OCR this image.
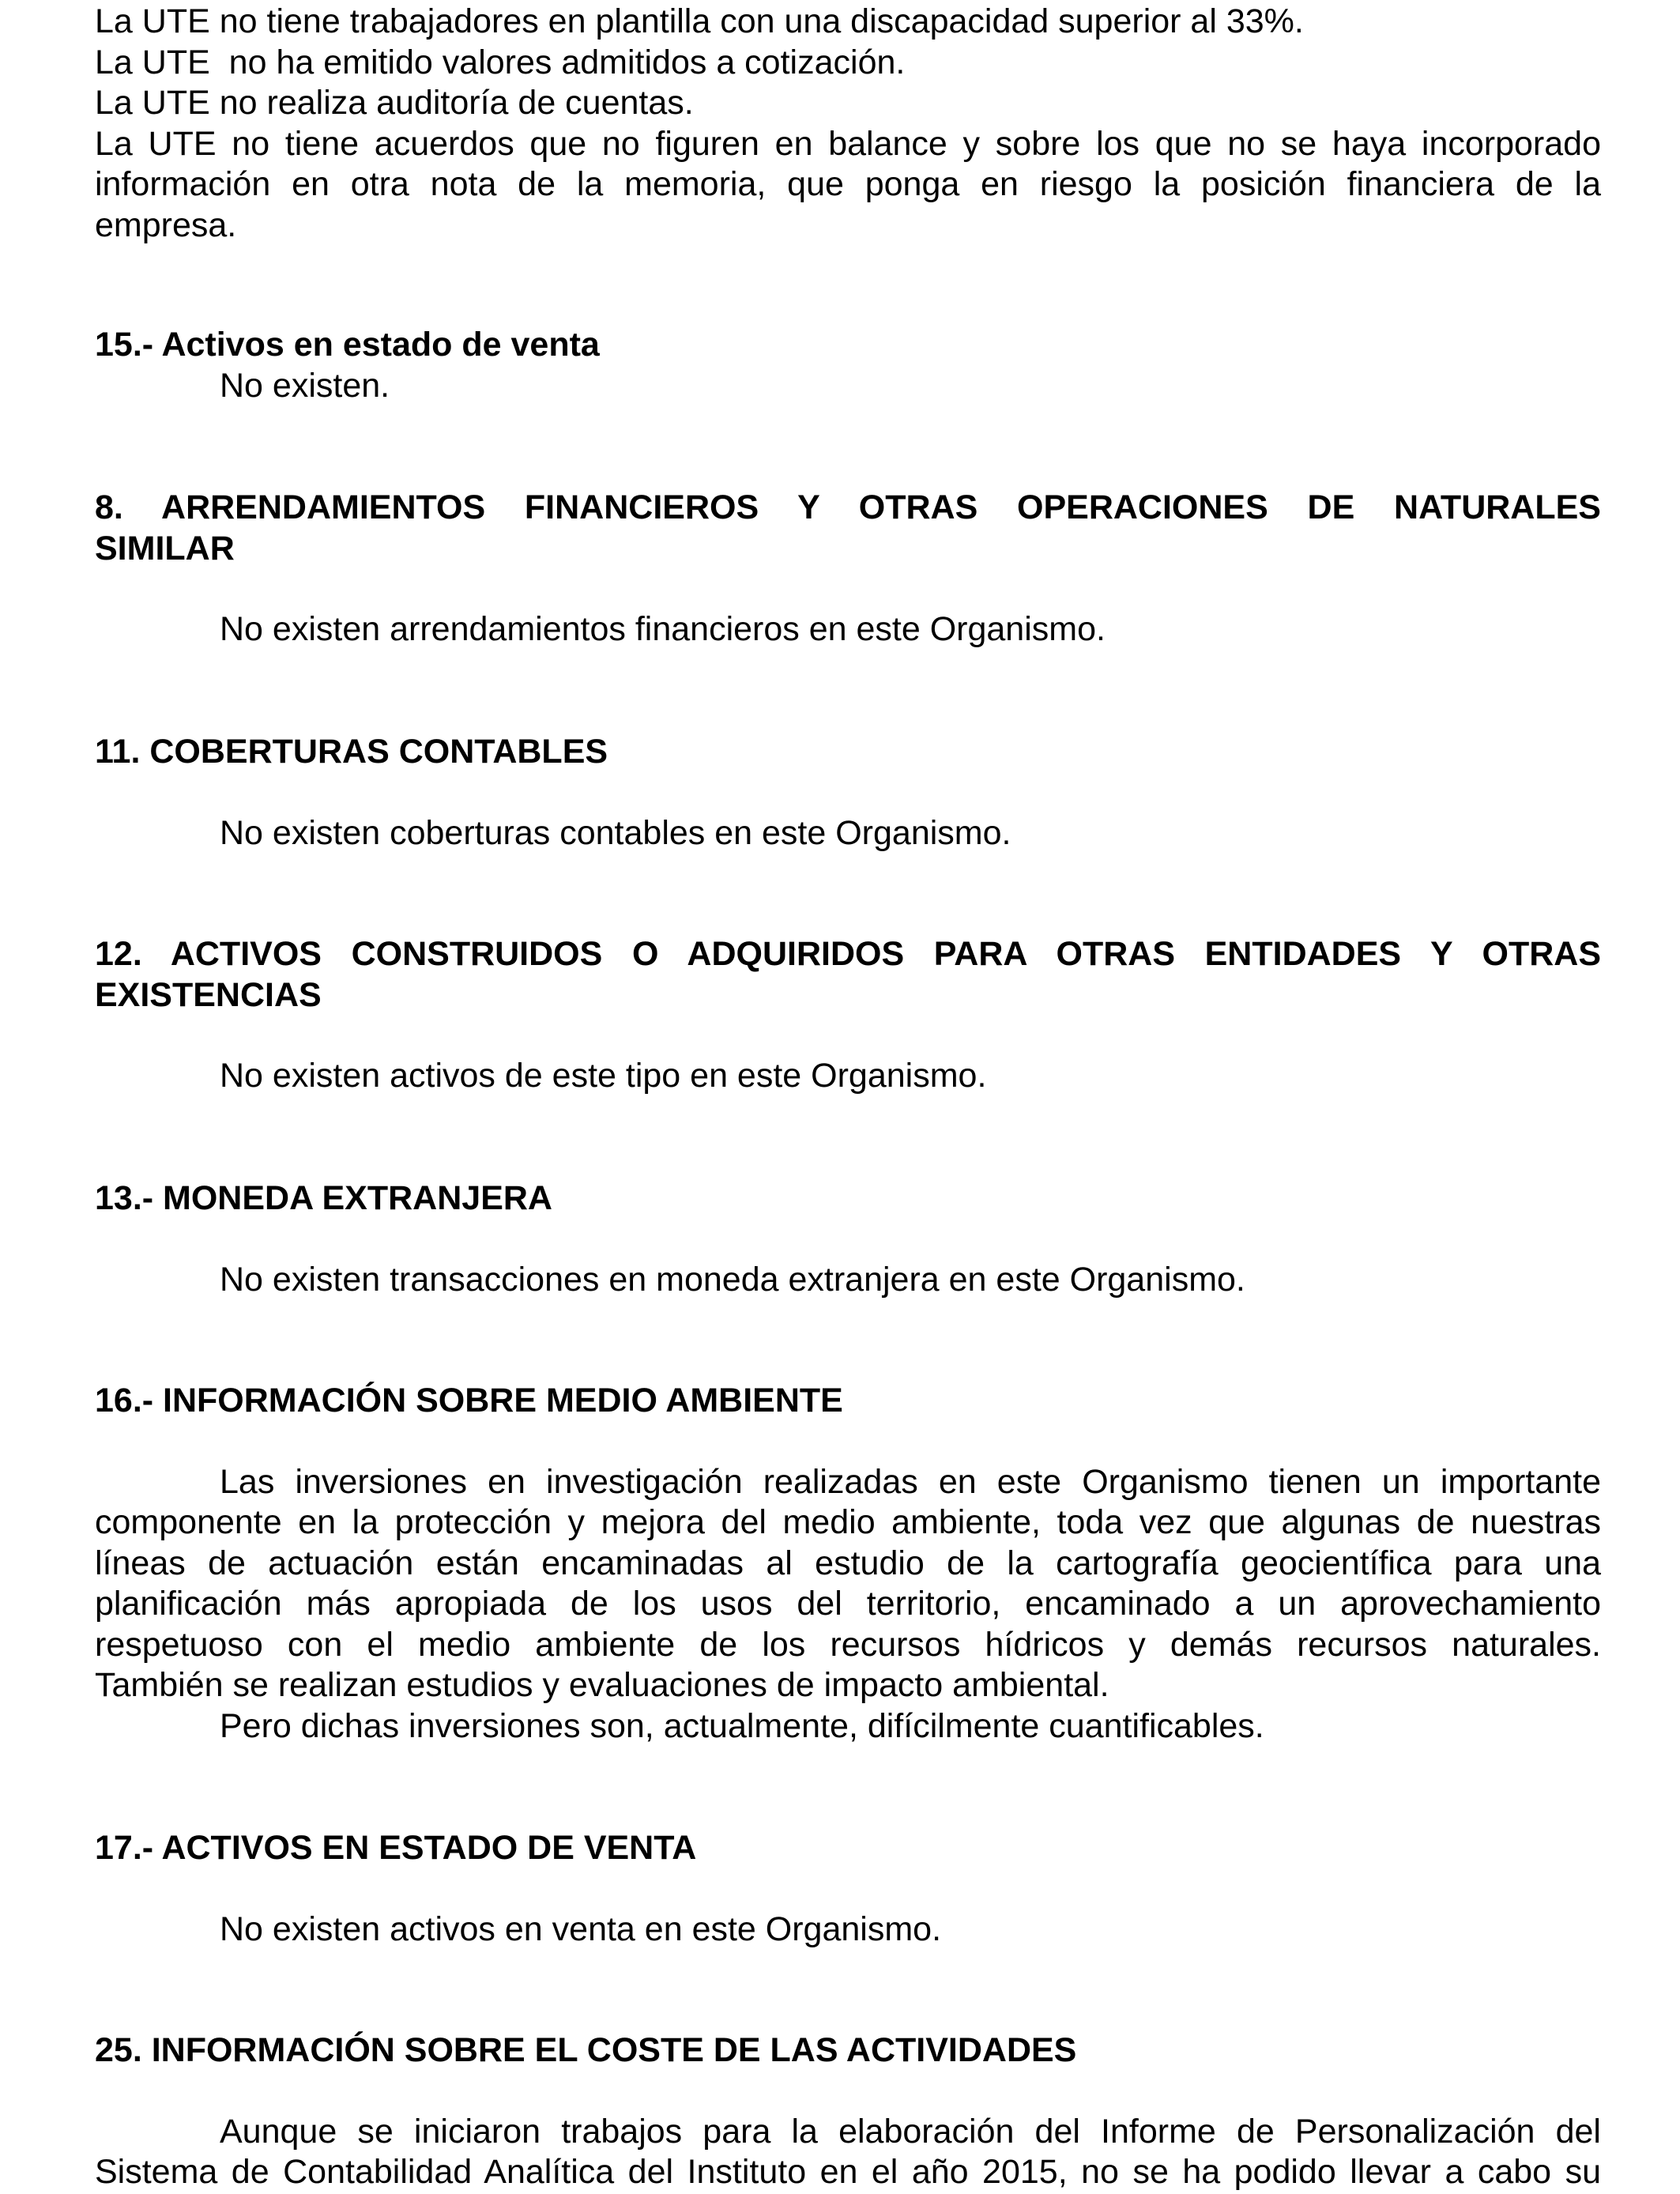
La UTE no tiene trabajadores en plantilla con una discapacidad superior al 33%.
La UTE  no ha emitido valores admitidos a cotización.
La UTE no realiza auditoría de cuentas.
La UTE no tiene acuerdos que no figuren en balance y sobre los que no se haya incorporado
información en otra nota de la memoria, que ponga en riesgo la posición financiera de la
empresa.
15.- Activos en estado de venta
No existen.
8. ARRENDAMIENTOS FINANCIEROS Y OTRAS OPERACIONES DE NATURALES
SIMILAR
No existen arrendamientos financieros en este Organismo.
11. COBERTURAS CONTABLES
No existen coberturas contables en este Organismo.
12. ACTIVOS CONSTRUIDOS O ADQUIRIDOS PARA OTRAS ENTIDADES Y OTRAS
EXISTENCIAS
No existen activos de este tipo en este Organismo.
13.- MONEDA EXTRANJERA
No existen transacciones en moneda extranjera en este Organismo.
16.- INFORMACIÓN SOBRE MEDIO AMBIENTE
Las inversiones en investigación realizadas en este Organismo tienen un importante
componente en la protección y mejora del medio ambiente, toda vez que algunas de nuestras
líneas de actuación están encaminadas al estudio de la cartografía geocientífica para una
planificación más apropiada de los usos del territorio, encaminado a un aprovechamiento
respetuoso con el medio ambiente de los recursos hídricos y demás recursos naturales.
También se realizan estudios y evaluaciones de impacto ambiental.
Pero dichas inversiones son, actualmente, difícilmente cuantificables.
17.- ACTIVOS EN ESTADO DE VENTA
No existen activos en venta en este Organismo.
25. INFORMACIÓN SOBRE EL COSTE DE LAS ACTIVIDADES
Aunque se iniciaron trabajos para la elaboración del Informe de Personalización del
Sistema de Contabilidad Analítica del Instituto en el año 2015, no se ha podido llevar a cabo su
